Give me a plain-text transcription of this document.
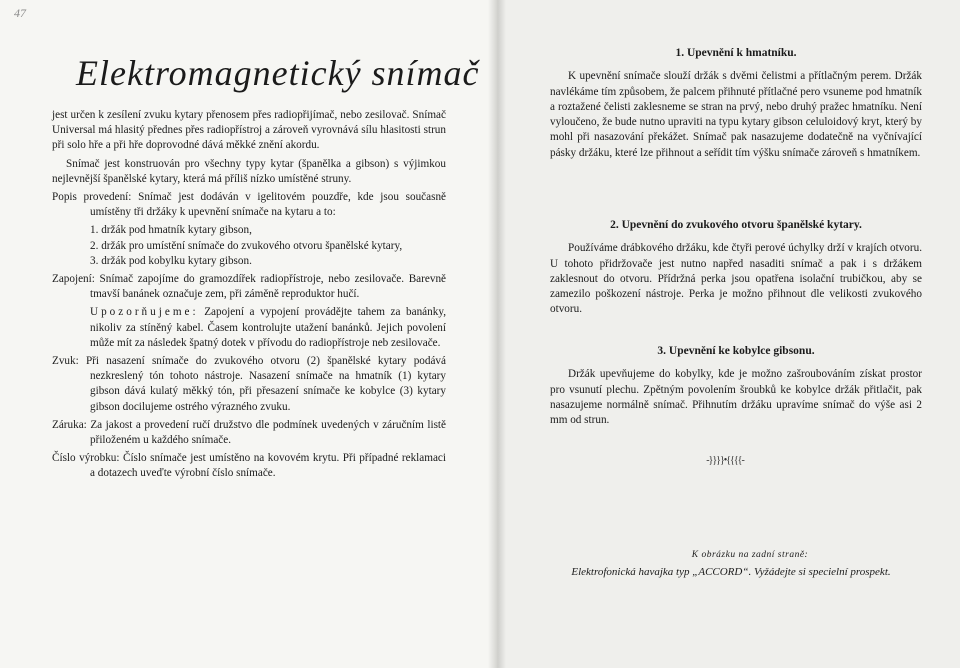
47
Elektromagnetický snímač

jest určen k zesílení zvuku kytary přenosem přes radiopřijímač, nebo zesilovač. Snímač Universal má hlasitý přednes přes radiopřístroj a zároveň vyrovnává sílu hlasitosti strun při solo hře a při hře doprovodné dává měkké znění akordu.

Snímač jest konstruován pro všechny typy kytar (španělka a gibson) s výjimkou nejlevnější španělské kytary, která má příliš nízko umístěné struny.

Popis provedení: Snímač jest dodáván v igelitovém pouzdře, kde jsou současně umístěny tři držáky k upevnění snímače na kytaru a to:

1. držák pod hmatník kytary gibson,
2. držák pro umístění snímače do zvukového otvoru španělské kytary,
3. držák pod kobylku kytary gibson.

Zapojení: Snímač zapojíme do gramozdířek radiopřístroje, nebo zesilovače. Barevně tmavší banánek označuje zem, při záměně reproduktor hučí.

Upozorňujeme: Zapojení a vypojení provádějte tahem za banánky, nikoliv za stíněný kabel. Časem kontrolujte utažení banánků. Jejich povolení může mít za následek špatný dotek v přívodu do radiopřístroje neb zesilovače.

Zvuk: Při nasazení snímače do zvukového otvoru (2) španělské kytary podává nezkreslený tón tohoto nástroje. Nasazení snímače na hmatník (1) kytary gibson dává kulatý měkký tón, při přesazení snímače ke kobylce (3) kytary gibson docilujeme ostrého výrazného zvuku.

Záruka: Za jakost a provedení ručí družstvo dle podmínek uvedených v záručním listě přiloženém u každého snímače.

Číslo výrobku: Číslo snímače jest umístěno na kovovém krytu. Při případné reklamaci a dotazech uveďte výrobní číslo snímače.

1. Upevnění k hmatníku.

K upevnění snímače slouží držák s dvěmi čelistmi a přítlačným perem. Držák navlékáme tím způsobem, že palcem přihnuté přítlačné pero vsuneme pod hmatník a roztažené čelisti zaklesneme se stran na prvý, nebo druhý pražec hmatníku. Není vyloučeno, že bude nutno upraviti na typu kytary gibson celuloidový kryt, který by mohl při nasazování překážet. Snímač pak nasazujeme dodatečně na vyčnívající pásky držáku, které lze přihnout a seřídit tím výšku snímače zároveň s hmatníkem.

2. Upevnění do zvukového otvoru španělské kytary.

Používáme drábkového držáku, kde čtyři perové úchylky drží v krajích otvoru. U tohoto přidržovače jest nutno napřed nasaditi snímač a pak i s držákem zaklesnout do otvoru. Přídržná perka jsou opatřena isolační trubičkou, aby se zamezilo poškození nástroje. Perka je možno přihnout dle velikosti zvukového otvoru.

3. Upevnění ke kobylce gibsonu.

Držák upevňujeme do kobylky, kde je možno zašroubováním získat prostor pro vsunutí plechu. Zpětným povolením šroubků ke kobylce držák přitlačit, pak nasazujeme normálně snímač. Přihnutím držáku upravíme snímač do výše asi 2 mm od strun.

-}}}}•{{{{-
K obrázku na zadní straně:
Elektrofonická havajka typ „ACCORD“. Vyžádejte si specielní prospekt.
